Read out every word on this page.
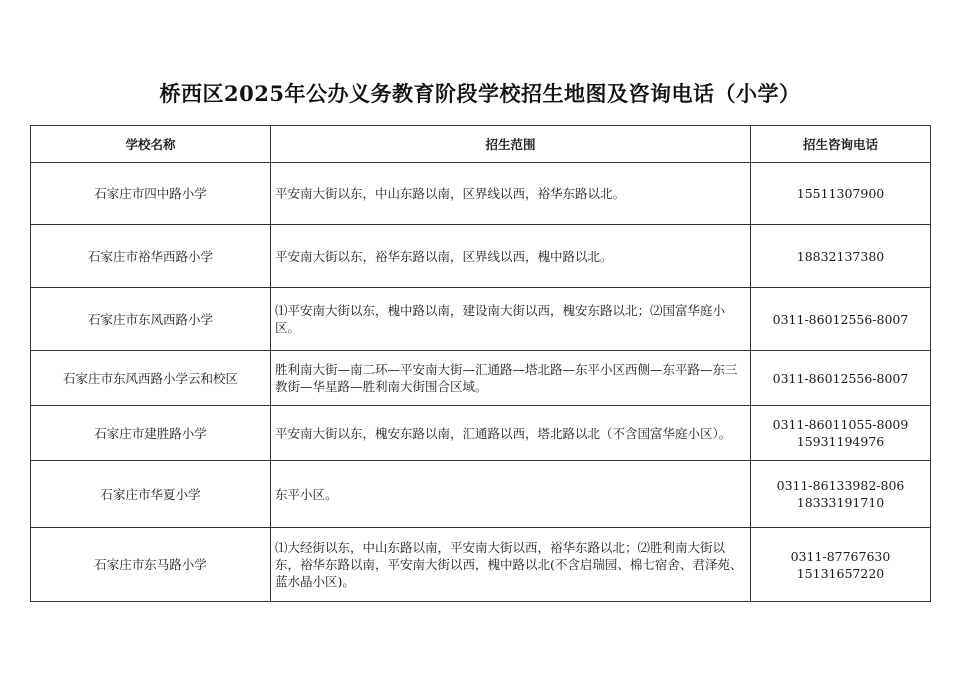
桥西区2025年公办义务教育阶段学校招生地图及咨询电话（小学）
学校名称	招生范围	招生咨询电话
石家庄市四中路小学	平安南大街以东，中山东路以南，区界线以西，裕华东路以北。	15511307900

石家庄市裕华西路小学	平安南大街以东，裕华东路以南，区界线以西，槐中路以北。	18832137380

石家庄市东风西路小学	⑴平安南大街以东，槐中路以南，建设南大街以西，槐安东路以北；⑵国富华庭小区。	0311-86012556-8007

石家庄市东风西路小学云和校区	胜利南大街—南二环—平安南大街—汇通路—塔北路—东平小区西侧—东平路—东三教街—华星路—胜利南大街围合区域。	0311-86012556-8007

石家庄市建胜路小学	平安南大街以东，槐安东路以南，汇通路以西，塔北路以北（不含国富华庭小区）。	0311-86011055-8009
15931194976

石家庄市华夏小学	东平小区。	0311-86133982-806
18333191710

石家庄市东马路小学	⑴大经街以东，中山东路以南，平安南大街以西，裕华东路以北；⑵胜利南大街以东，裕华东路以南，平安南大街以西，槐中路以北(不含启瑞园、棉七宿舍、君泽苑、蓝水晶小区)。	0311-87767630
15131657220
